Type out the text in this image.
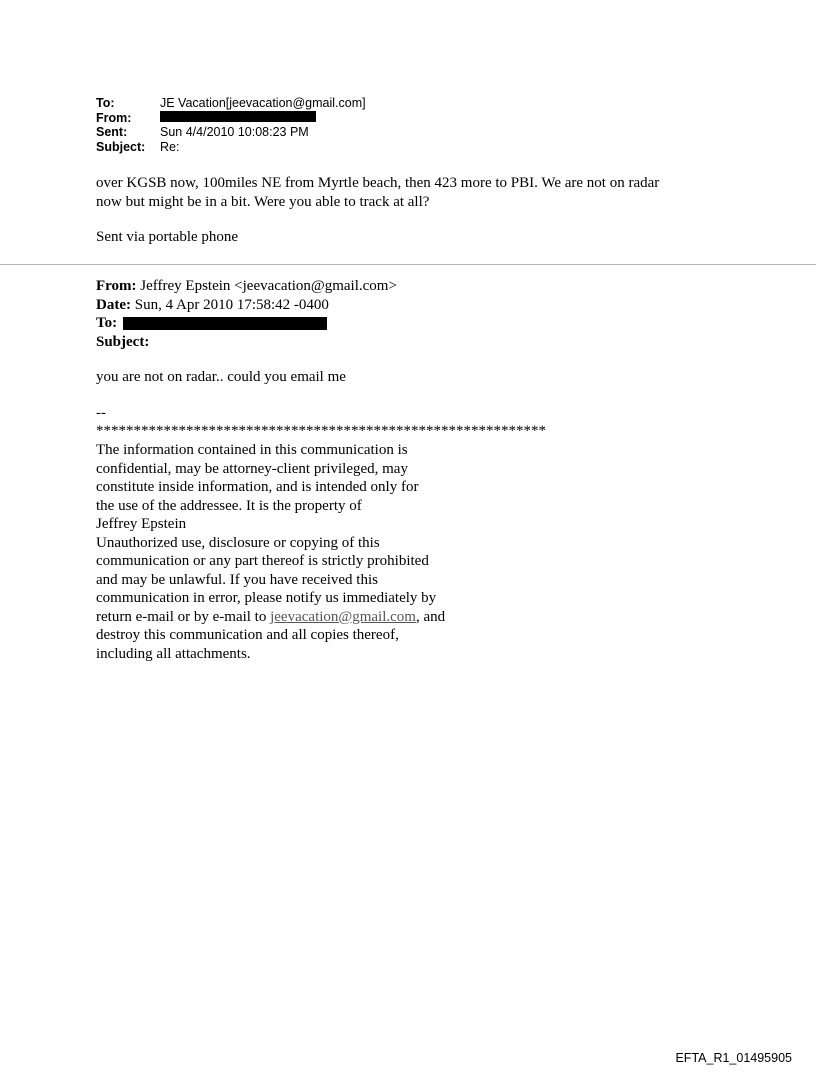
To:	JE Vacation[jeevacation@gmail.com]
From:
Sent:	Sun 4/4/2010 10:08:23 PM
Subject:	Re:
over KGSB now, 100miles NE from Myrtle beach, then 423 more to PBI. We are not on radar
now but might be in a bit. Were you able to track at all?
Sent via portable phone
From: Jeffrey Epstein <jeevacation@gmail.com>
Date: Sun, 4 Apr 2010 17:58:42 -0400
To:
Subject:
you are not on radar.. could you email me
--
************************************************************
The information contained in this communication is
confidential, may be attorney-client privileged, may
constitute inside information, and is intended only for
the use of the addressee. It is the property of
Jeffrey Epstein
Unauthorized use, disclosure or copying of this
communication or any part thereof is strictly prohibited
and may be unlawful. If you have received this
communication in error, please notify us immediately by
return e-mail or by e-mail to jeevacation@gmail.com, and
destroy this communication and all copies thereof,
including all attachments.
EFTA_R1_01495905
